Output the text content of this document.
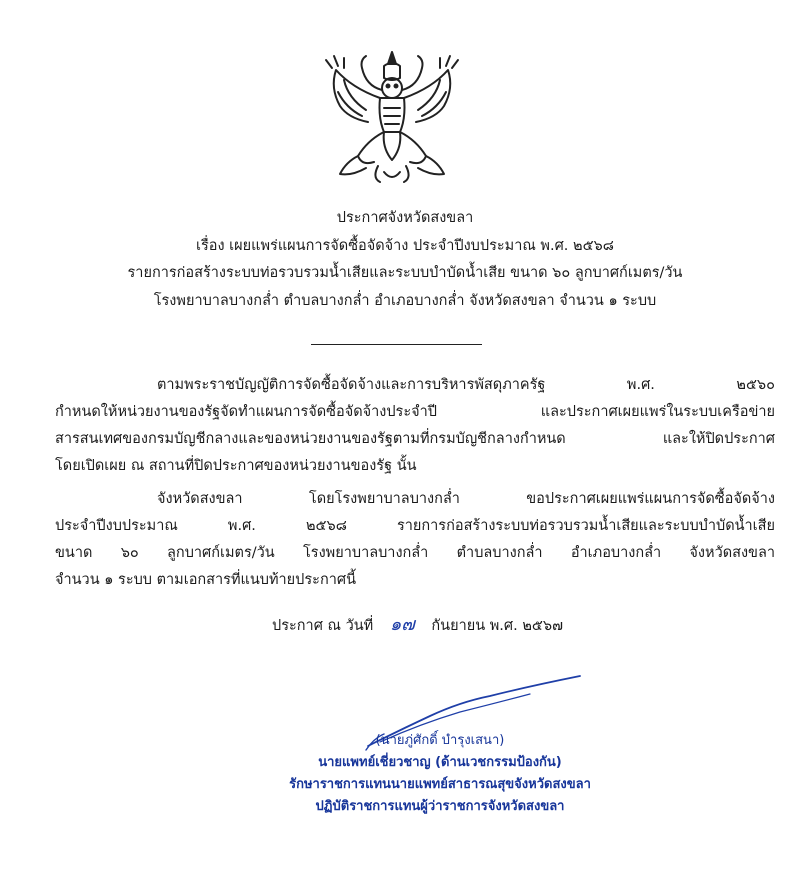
ประกาศจังหวัดสงขลา
เรื่อง เผยแพร่แผนการจัดซื้อจัดจ้าง ประจำปีงบประมาณ พ.ศ. ๒๕๖๘
รายการก่อสร้างระบบท่อรวบรวมน้ำเสียและระบบบำบัดน้ำเสีย ขนาด ๖๐ ลูกบาศก์เมตร/วัน
โรงพยาบาลบางกล่ำ ตำบลบางกล่ำ อำเภอบางกล่ำ จังหวัดสงขลา จำนวน ๑ ระบบ
ตามพระราชบัญญัติการจัดซื้อจัดจ้างและการบริหารพัสดุภาครัฐ พ.ศ. ๒๕๖๐
กำหนดให้หน่วยงานของรัฐจัดทำแผนการจัดซื้อจัดจ้างประจำปี และประกาศเผยแพร่ในระบบเครือข่าย
สารสนเทศของกรมบัญชีกลางและของหน่วยงานของรัฐตามที่กรมบัญชีกลางกำหนด และให้ปิดประกาศ
โดยเปิดเผย ณ สถานที่ปิดประกาศของหน่วยงานของรัฐ นั้น
จังหวัดสงขลา โดยโรงพยาบาลบางกล่ำ ขอประกาศเผยแพร่แผนการจัดซื้อจัดจ้าง
ประจำปีงบประมาณ พ.ศ. ๒๕๖๘ รายการก่อสร้างระบบท่อรวบรวมน้ำเสียและระบบบำบัดน้ำเสีย
ขนาด ๖๐ ลูกบาศก์เมตร/วัน โรงพยาบาลบางกล่ำ ตำบลบางกล่ำ อำเภอบางกล่ำ จังหวัดสงขลา
จำนวน ๑ ระบบ ตามเอกสารที่แนบท้ายประกาศนี้
ประกาศ ณ วันที่ ๑๗ กันยายน พ.ศ. ๒๕๖๗
(นายภู่ศักดิ์ บำรุงเสนา)
นายแพทย์เชี่ยวชาญ (ด้านเวชกรรมป้องกัน)
รักษาราชการแทนนายแพทย์สาธารณสุขจังหวัดสงขลา
ปฏิบัติราชการแทนผู้ว่าราชการจังหวัดสงขลา
